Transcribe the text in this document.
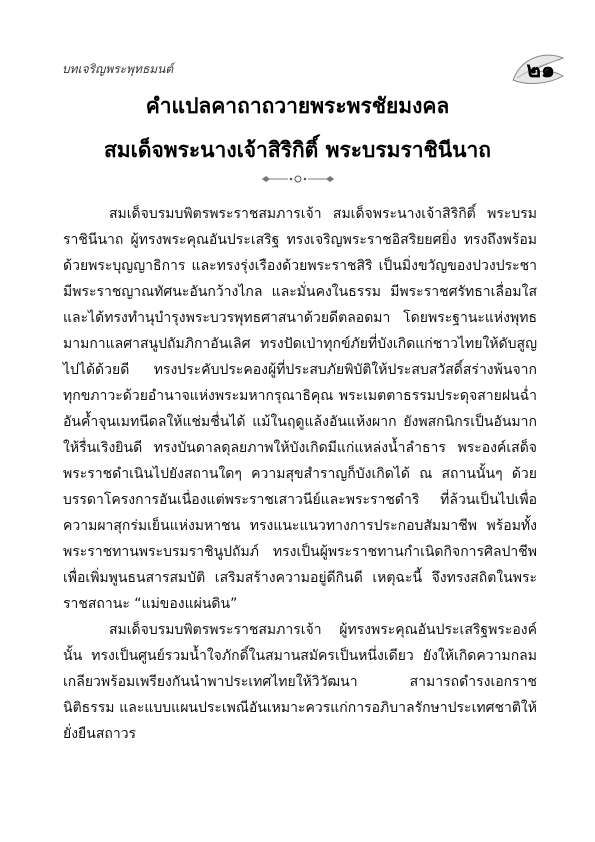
บทเจริญพระพุทธมนต์	๒๑
คำแปลคาถาถวายพระพรชัยมงคล
สมเด็จพระนางเจ้าสิริกิติ์ พระบรมราชินีนาถ

สมเด็จบรมบพิตรพระราชสมภารเจ้า สมเด็จพระนางเจ้าสิริกิติ์ พระบรมราชินีนาถ ผู้ทรงพระคุณอันประเสริฐ ทรงเจริญพระราชอิสริยยศยิ่ง ทรงถึงพร้อมด้วยพระบุญญาธิการ และทรงรุ่งเรืองด้วยพระราชสิริ เป็นมิ่งขวัญของปวงประชา มีพระราชญาณทัศนะอันกว้างไกล และมั่นคงในธรรม มีพระราชศรัทธาเลื่อมใสและได้ทรงทำนุบำรุงพระบวรพุทธศาสนาด้วยดีตลอดมา โดยพระฐานะแห่งพุทธมามกาแลศาสนูปถัมภิกาอันเลิศ ทรงปัดเป่าทุกข์ภัยที่บังเกิดแก่ชาวไทยให้ดับสูญไปได้ด้วยดี ทรงประคับประคองผู้ที่ประสบภัยพิบัติให้ประสบสวัสดิ์สร่างพ้นจากทุกขภาวะด้วยอำนาจแห่งพระมหากรุณาธิคุณ พระเมตตาธรรมประดุจสายฝนฉ่ำอันค้ำจุนเมทนีดลให้แช่มชื่นได้ แม้ในฤดูแล้งอันแห้งผาก ยังพสกนิกรเป็นอันมากให้รื่นเริงยินดี ทรงบันดาลดุลยภาพให้บังเกิดมีแก่แหล่งน้ำลำธาร พระองค์เสด็จพระราชดำเนินไปยังสถานใดๆ ความสุขสำราญก็บังเกิดได้ ณ สถานนั้นๆ ด้วยบรรดาโครงการอันเนื่องแต่พระราชเสาวนีย์และพระราชดำริ ที่ล้วนเป็นไปเพื่อความผาสุกร่มเย็นแห่งมหาชน ทรงแนะแนวทางการประกอบสัมมาชีพ พร้อมทั้งพระราชทานพระบรมราชินูปถัมภ์ ทรงเป็นผู้พระราชทานกำเนิดกิจการศิลปาชีพ เพื่อเพิ่มพูนธนสารสมบัติ เสริมสร้างความอยู่ดีกินดี เหตุฉะนี้ จึงทรงสถิตในพระราชสถานะ “แม่ของแผ่นดิน”

สมเด็จบรมบพิตรพระราชสมภารเจ้า ผู้ทรงพระคุณอันประเสริฐพระองค์นั้น ทรงเป็นศูนย์รวมน้ำใจภักดิ์ในสมานสมัครเป็นหนึ่งเดียว ยังให้เกิดความกลมเกลียวพร้อมเพรียงกันนำพาประเทศไทยให้วิวัฒนา สามารถดำรงเอกราชนิติธรรม และแบบแผนประเพณีอันเหมาะควรแก่การอภิบาลรักษาประเทศชาติให้ยั่งยืนสถาวร
